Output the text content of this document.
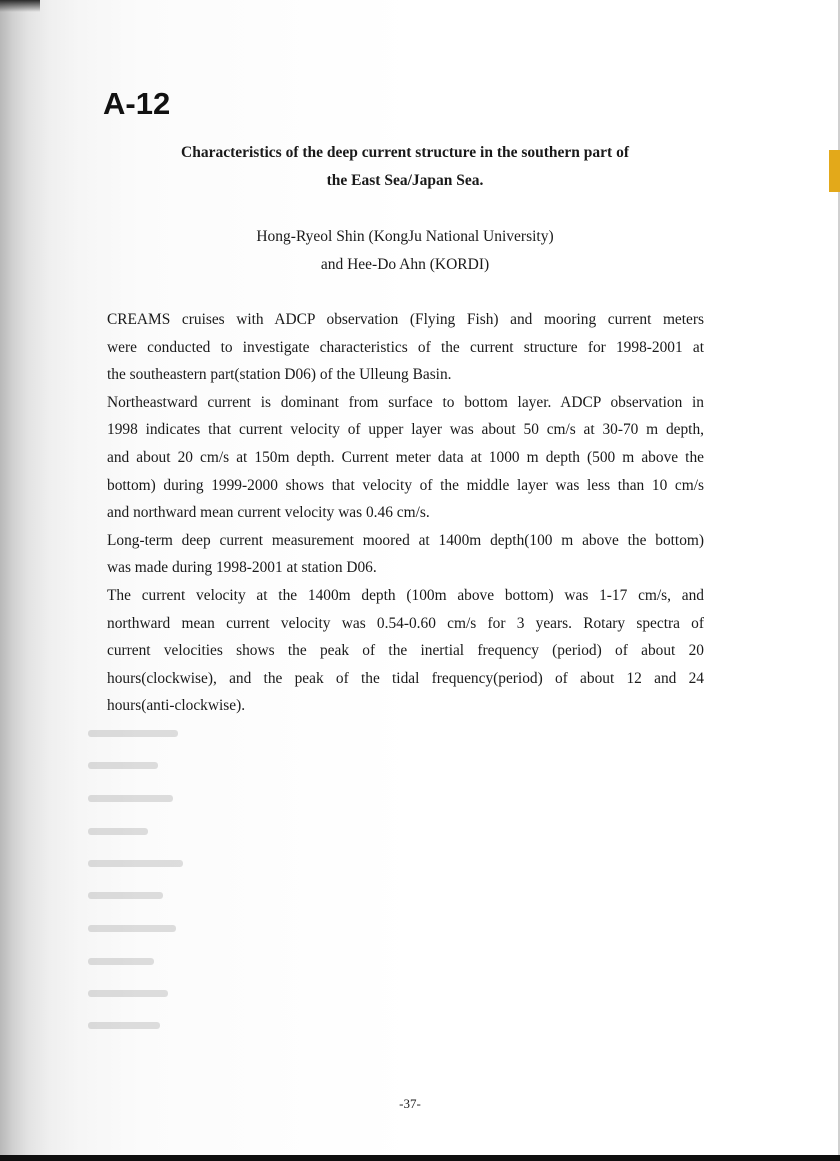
A-12
Characteristics of the deep current structure in the southern part of
the East Sea/Japan Sea.
Hong-Ryeol Shin (KongJu National University)
and Hee-Do Ahn (KORDI)

CREAMS cruises with ADCP observation (Flying Fish) and mooring current meters
were conducted to investigate characteristics of the current structure for 1998-2001 at
the southeastern part(station D06) of the Ulleung Basin.

Northeastward current is dominant from surface to bottom layer. ADCP observation in
1998 indicates that current velocity of upper layer was about 50 cm/s at 30-70 m depth,
and about 20 cm/s at 150m depth. Current meter data at 1000 m depth (500 m above the
bottom) during 1999-2000 shows that velocity of the middle layer was less than 10 cm/s
and northward mean current velocity was 0.46 cm/s.

Long-term deep current measurement moored at 1400m depth(100 m above the bottom)
was made during 1998-2001 at station D06.

The current velocity at the 1400m depth (100m above bottom) was 1-17 cm/s, and
northward mean current velocity was 0.54-0.60 cm/s for 3 years. Rotary spectra of
current velocities shows the peak of the inertial frequency (period) of about 20
hours(clockwise), and the peak of the tidal frequency(period) of about 12 and 24
hours(anti-clockwise).

-37-
